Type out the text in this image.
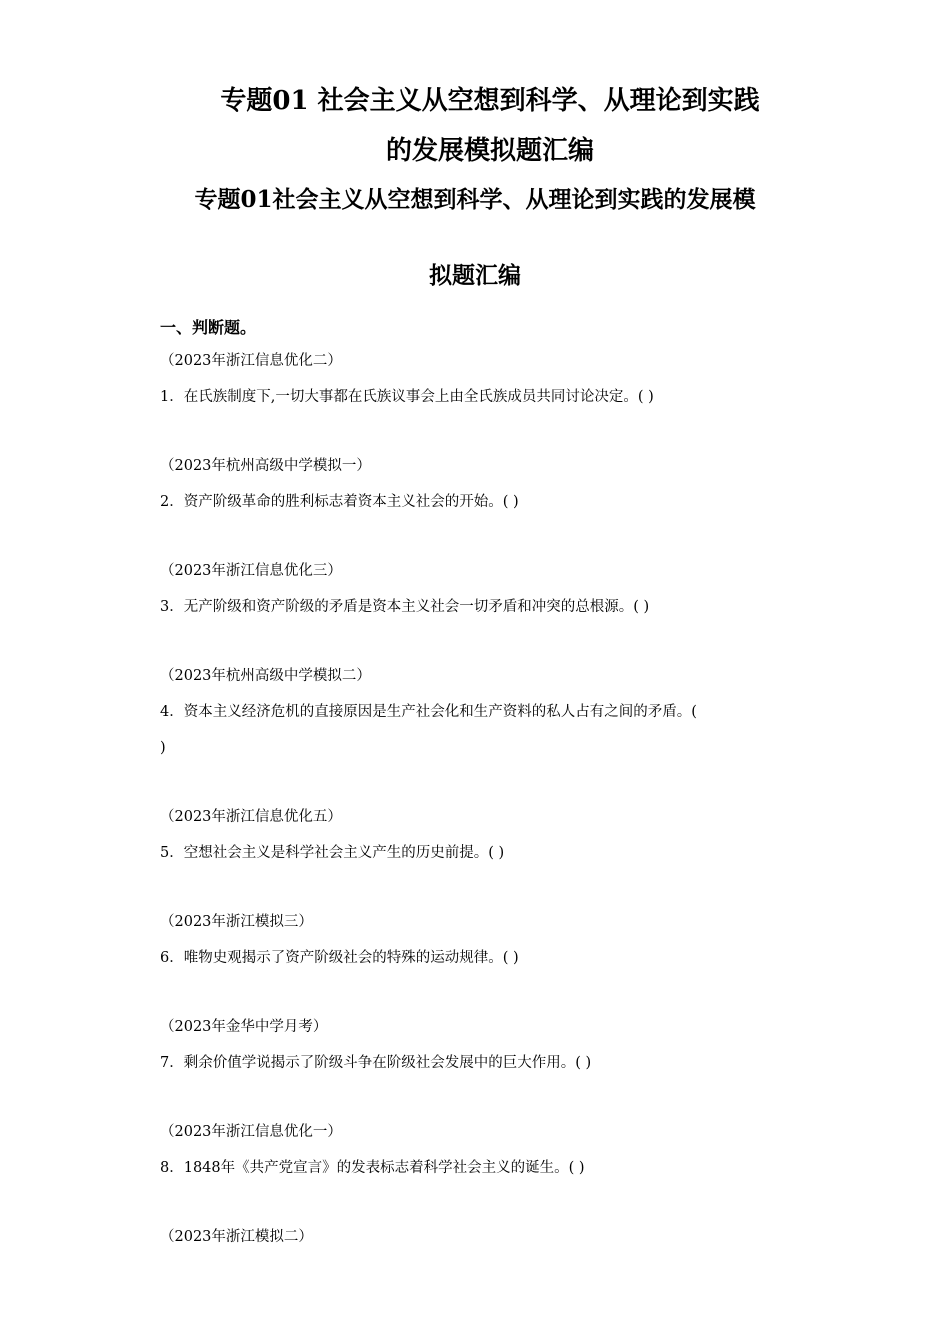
专题01 社会主义从空想到科学、从理论到实践
的发展模拟题汇编
专题01社会主义从空想到科学、从理论到实践的发展模
拟题汇编
一、判断题。
（2023年浙江信息优化二）
1．在氏族制度下,一切大事都在氏族议事会上由全氏族成员共同讨论决定。( )
（2023年杭州高级中学模拟一）
2．资产阶级革命的胜利标志着资本主义社会的开始。( )
（2023年浙江信息优化三）
3．无产阶级和资产阶级的矛盾是资本主义社会一切矛盾和冲突的总根源。( )
（2023年杭州高级中学模拟二）
4．资本主义经济危机的直接原因是生产社会化和生产资料的私人占有之间的矛盾。(
)
（2023年浙江信息优化五）
5．空想社会主义是科学社会主义产生的历史前提。( )
（2023年浙江模拟三）
6．唯物史观揭示了资产阶级社会的特殊的运动规律。( )
（2023年金华中学月考）
7．剩余价值学说揭示了阶级斗争在阶级社会发展中的巨大作用。( )
（2023年浙江信息优化一）
8．1848年《共产党宣言》的发表标志着科学社会主义的诞生。( )
（2023年浙江模拟二）
